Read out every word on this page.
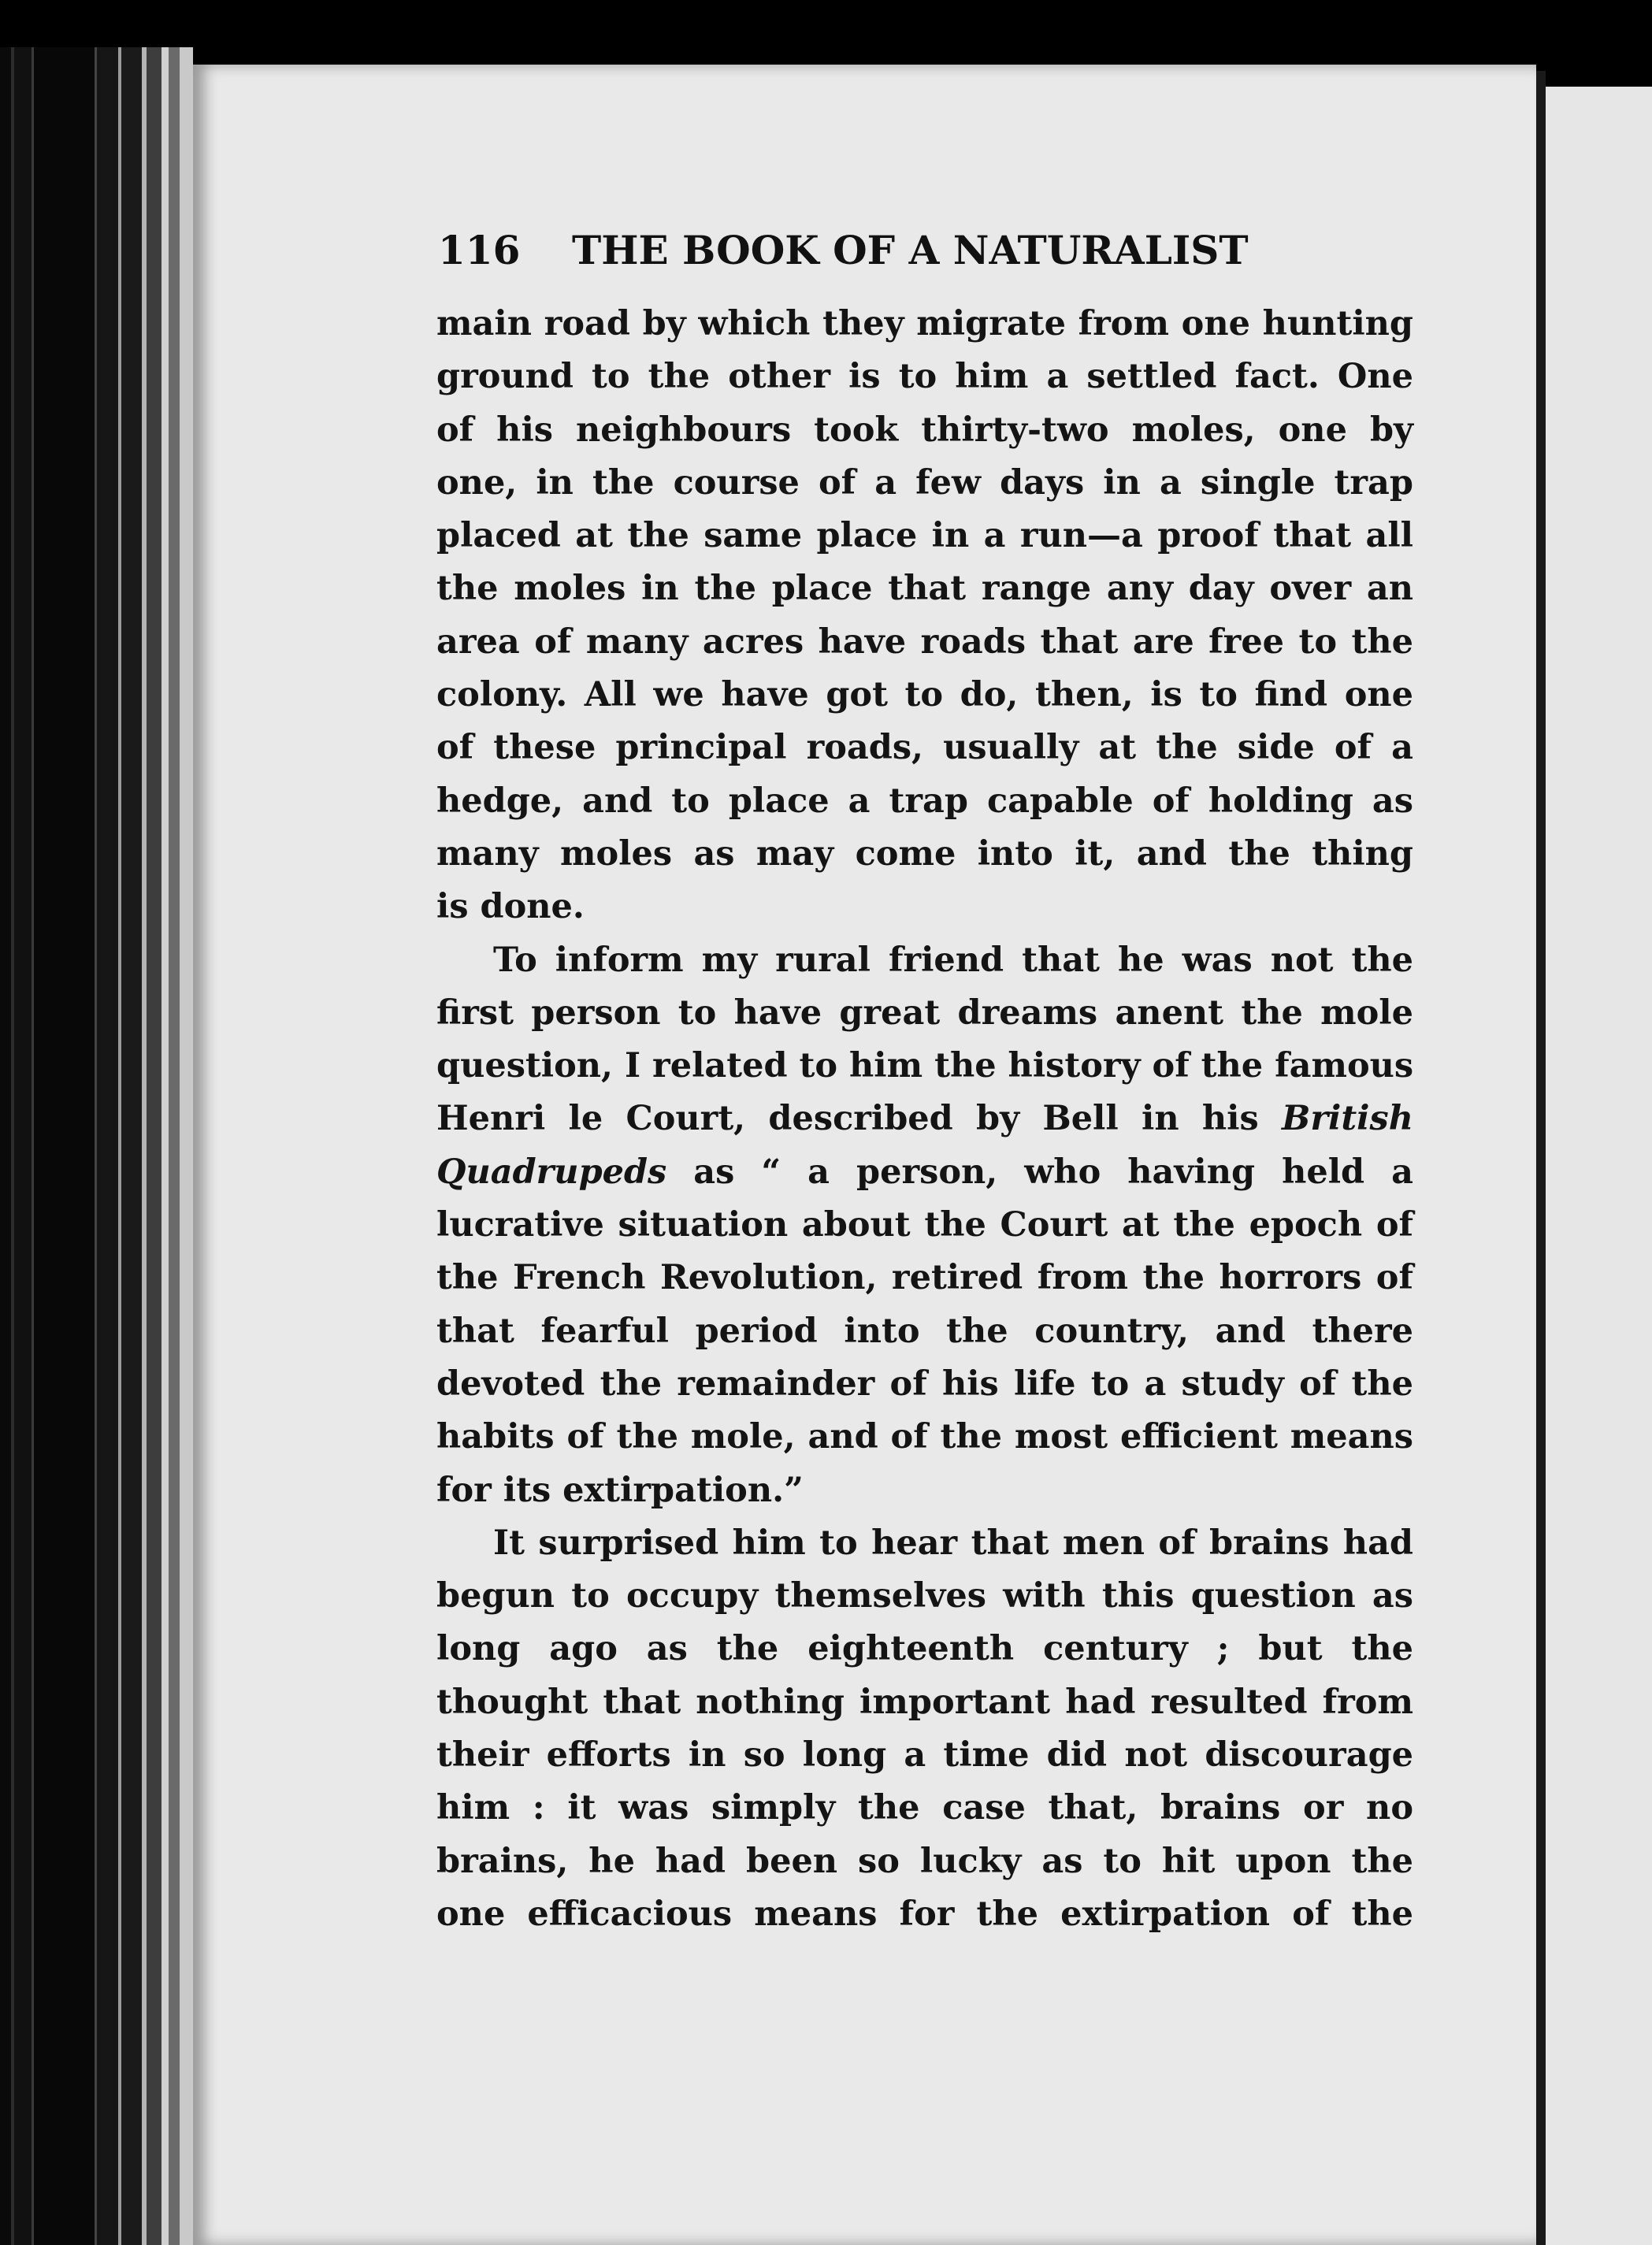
116 THE BOOK OF A NATURALIST
main road by which they migrate from one hunting
ground to the other is to him a settled fact. One
of his neighbours took thirty-two moles, one by
one, in the course of a few days in a single trap
placed at the same place in a run—a proof that all
the moles in the place that range any day over an
area of many acres have roads that are free to the
colony. All we have got to do, then, is to find one
of these principal roads, usually at the side of a
hedge, and to place a trap capable of holding as
many moles as may come into it, and the thing
is done.
To inform my rural friend that he was not the
first person to have great dreams anent the mole
question, I related to him the history of the famous
Henri le Court, described by Bell in his British
Quadrupeds as “ a person, who having held a
lucrative situation about the Court at the epoch of
the French Revolution, retired from the horrors of
that fearful period into the country, and there
devoted the remainder of his life to a study of the
habits of the mole, and of the most efficient means
for its extirpation.”
It surprised him to hear that men of brains had
begun to occupy themselves with this question as
long ago as the eighteenth century ; but the
thought that nothing important had resulted from
their efforts in so long a time did not discourage
him : it was simply the case that, brains or no
brains, he had been so lucky as to hit upon the
one efficacious means for the extirpation of the
